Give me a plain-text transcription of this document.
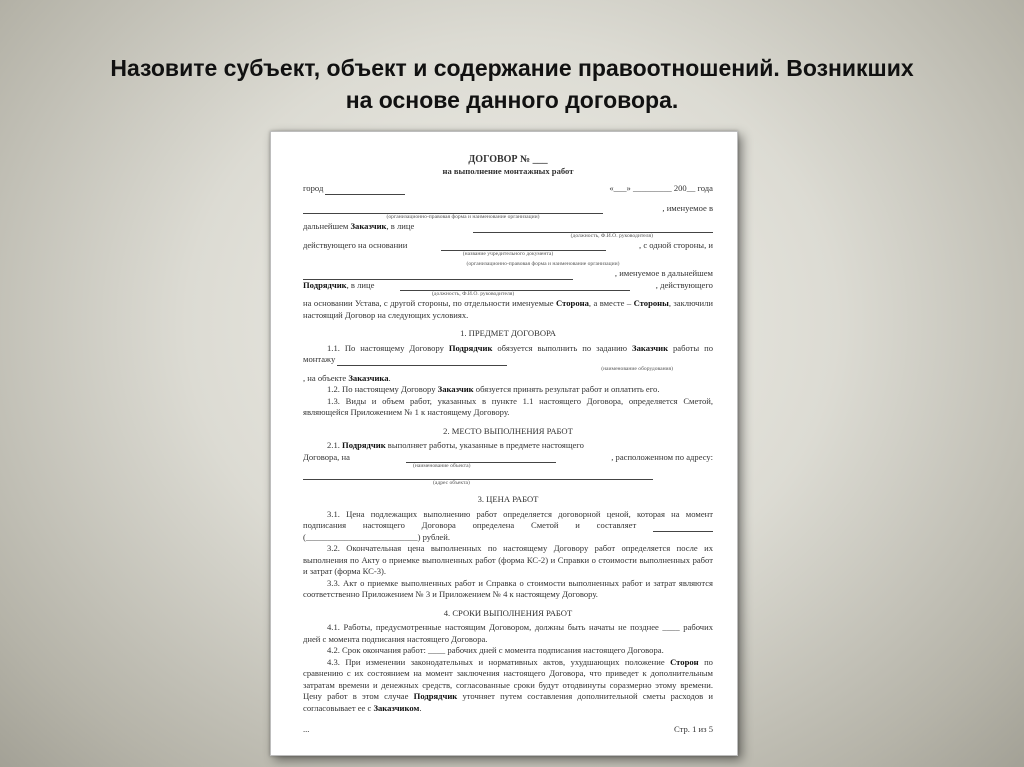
Назовите субъект, объект и содержание правоотношений. Возникших
на основе данного договора.
ДОГОВОР № ___
на выполнение монтажных работ
город	«___» _________ 200__ года
, именуемое в
(организационно-правовая форма и наименование организации)
дальнейшем Заказчик, в лице
(должность, Ф.И.О. руководителя)
действующего на основании	, с одной стороны, и
(название учредительного документа)
(организационно-правовая форма и наименование организации)
, именуемое в дальнейшем
Подрядчик, в лице	, действующего
(должность, Ф.И.О. руководителя)
на основании Устава, с другой стороны, по отдельности именуемые Сторона, а вместе – Стороны, заключили настоящий Договор на следующих условиях.
1. ПРЕДМЕТ ДОГОВОРА
1.1. По настоящему Договору Подрядчик обязуется выполнить по заданию Заказчик работы по монтажу
(наименование оборудования)
, на объекте Заказчика.
1.2. По настоящему Договору Заказчик обязуется принять результат работ и оплатить его.
1.3. Виды и объем работ, указанных в пункте 1.1 настоящего Договора, определяется Сметой, являющейся Приложением № 1 к настоящему Договору.
2. МЕСТО ВЫПОЛНЕНИЯ РАБОТ
2.1. Подрядчик выполняет работы, указанные в предмете настоящего
Договора, на	, расположенном по адресу:
(наименование объекта)
(адрес объекта)
3. ЦЕНА РАБОТ
3.1. Цена подлежащих выполнению работ определяется договорной ценой, которая на момент подписания настоящего Договора определена Сметой и составляет  (__________________________) рублей.
3.2. Окончательная цена выполненных по настоящему Договору работ определяется после их выполнения по Акту о приемке выполненных работ (форма КС-2) и Справки о стоимости выполненных работ и затрат (форма КС-3).
3.3. Акт о приемке выполненных работ и Справка о стоимости выполненных работ и затрат являются соответственно Приложением № 3 и Приложением № 4 к настоящему Договору.
4. СРОКИ ВЫПОЛНЕНИЯ РАБОТ
4.1. Работы, предусмотренные настоящим Договором, должны быть начаты не позднее ____ рабочих дней с момента подписания настоящего Договора.
4.2. Срок окончания работ: ____ рабочих дней с момента подписания настоящего Договора.
4.3. При изменении законодательных и нормативных актов, ухудшающих положение Сторон по сравнению с их состоянием на момент заключения настоящего Договора, что приведет к дополнительным затратам времени и денежных средств, согласованные сроки будут отодвинуты соразмерно этому времени. Цену работ в этом случае Подрядчик уточняет путем составления дополнительной сметы расходов и согласовывает ее с Заказчиком.
...	Стр. 1 из 5
